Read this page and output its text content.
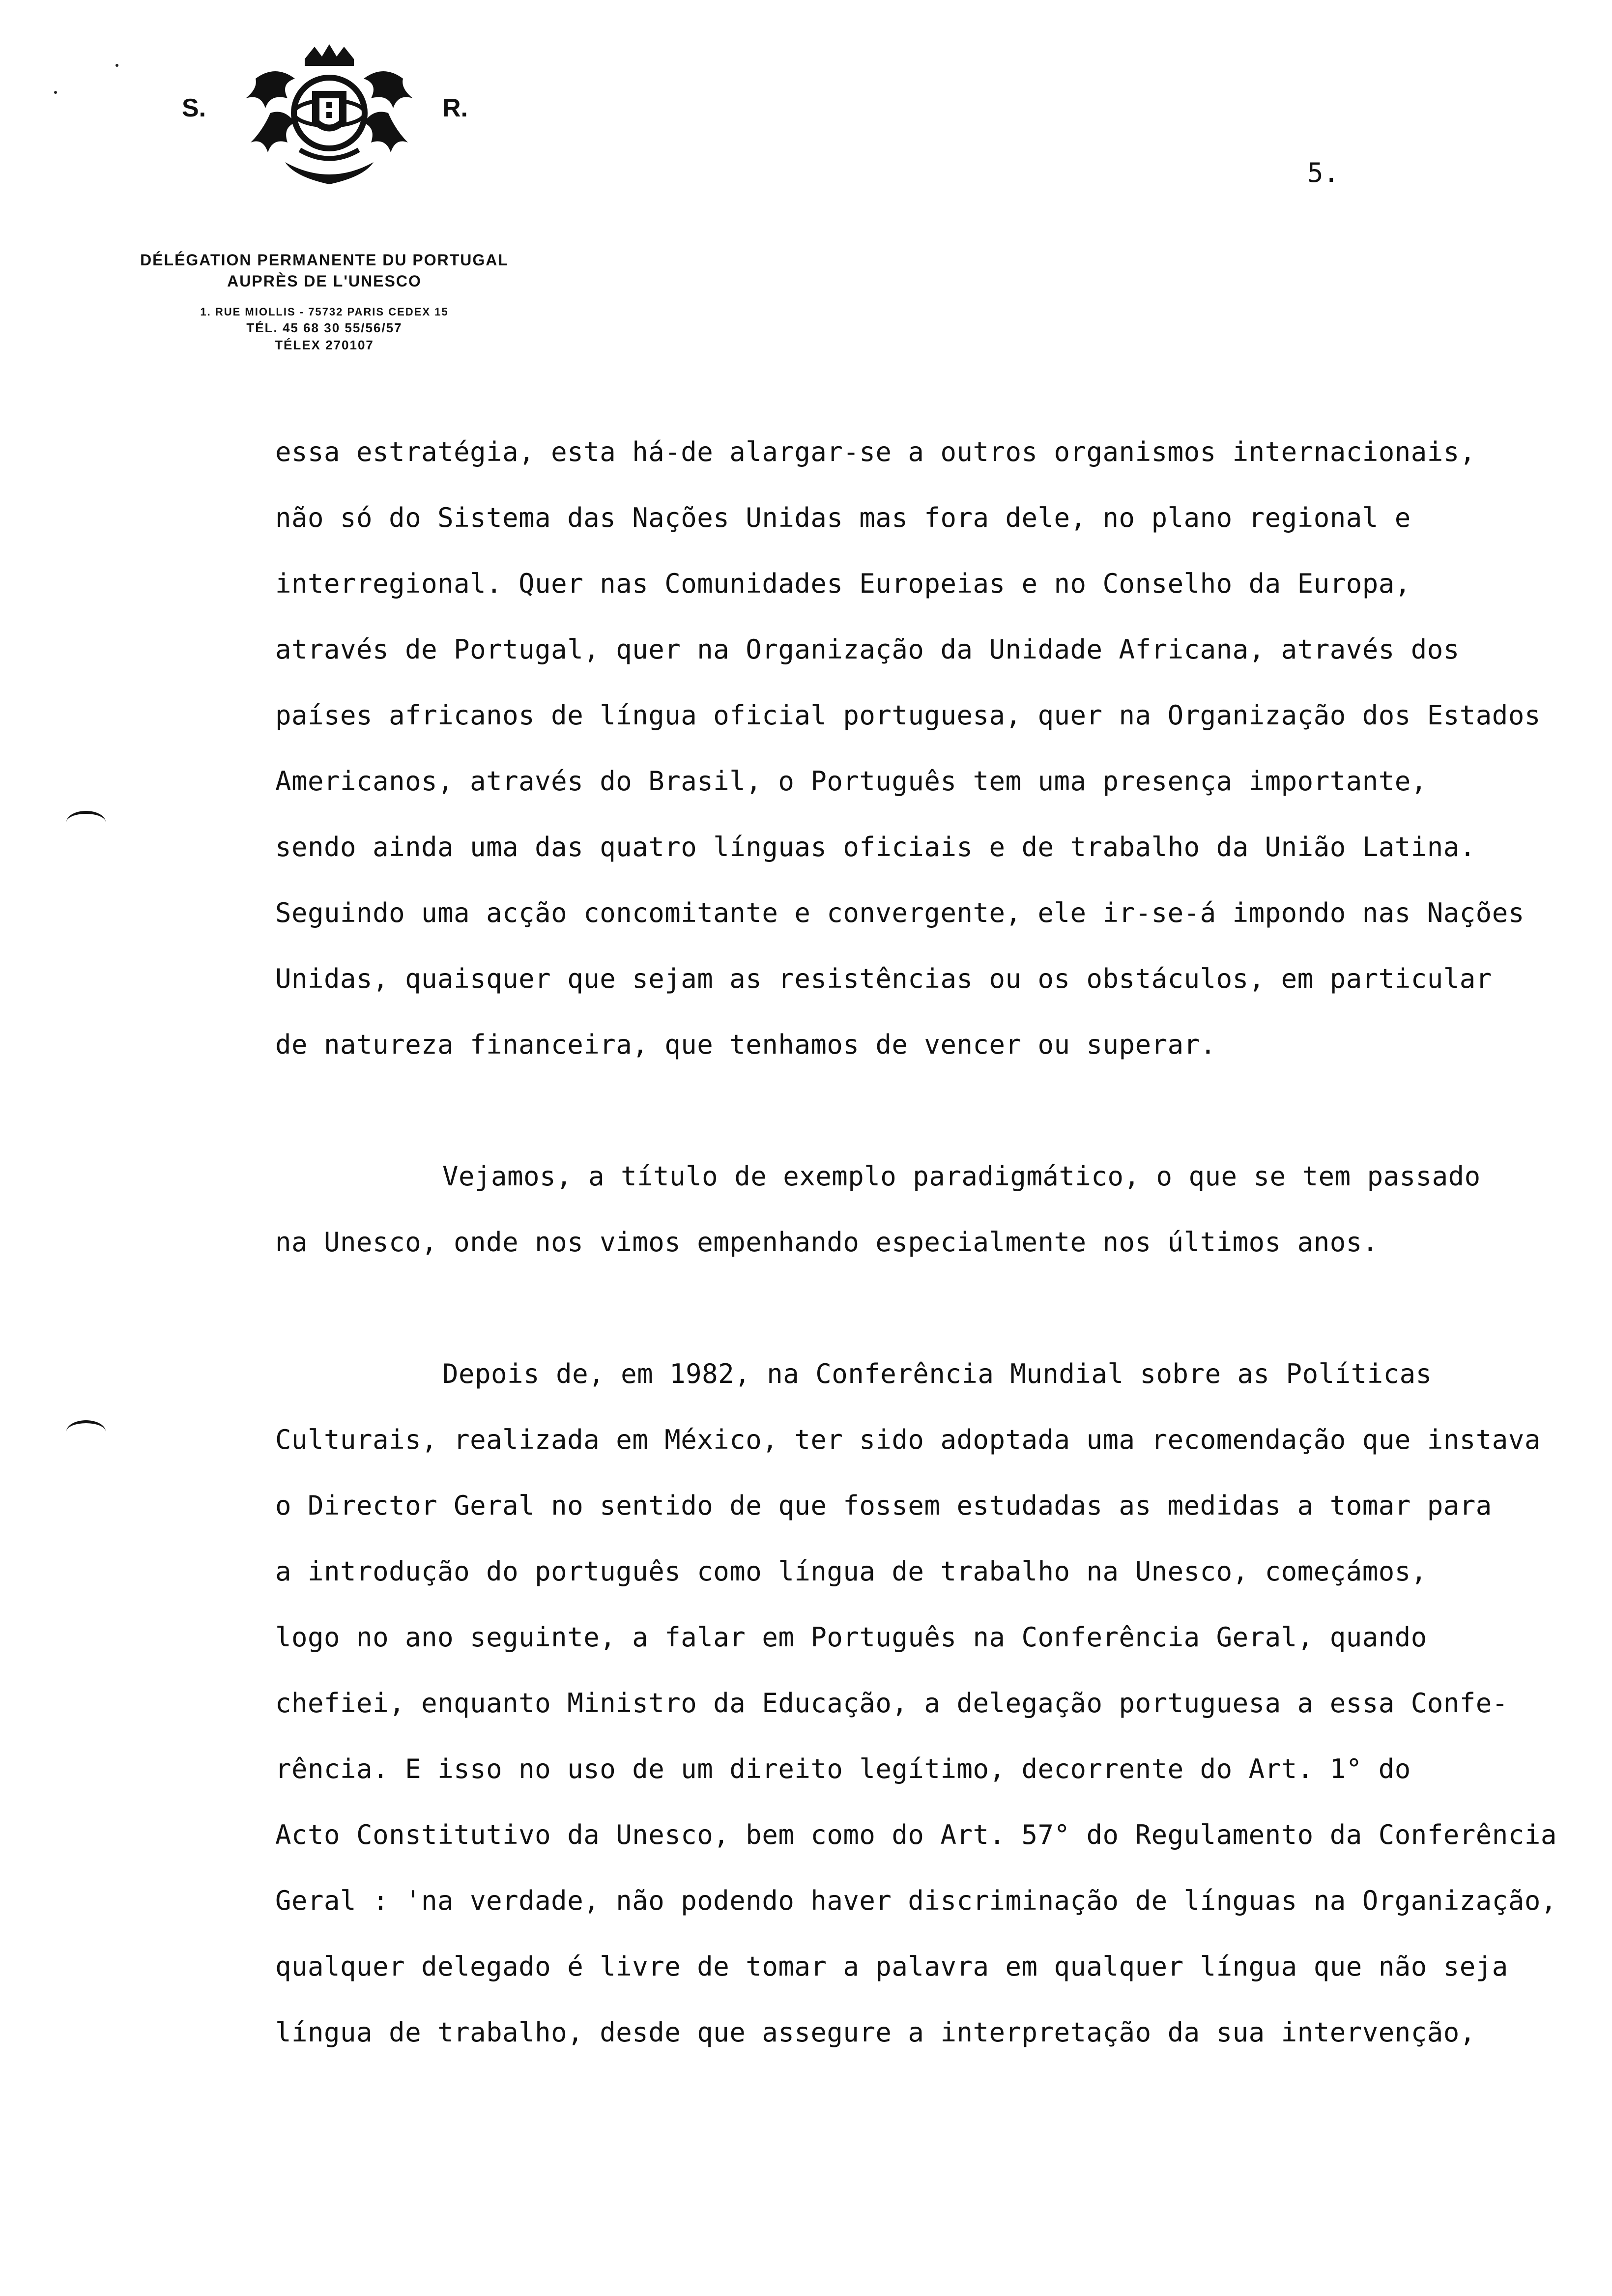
S.	R.

DÉLÉGATION PERMANENTE DU PORTUGAL

AUPRÈS DE L'UNESCO

1. RUE MIOLLIS - 75732 PARIS CEDEX 15

TÉL. 45 68 30 55/56/57

TÉLEX 270107

5.
essa estratégia, esta há-de alargar-se a outros organismos internacionais,
não só do Sistema das Nações Unidas mas fora dele, no plano regional e
interregional. Quer nas Comunidades Europeias e no Conselho da Europa,
através de Portugal, quer na Organização da Unidade Africana, através dos
países africanos de língua oficial portuguesa, quer na Organização dos Estados
Americanos, através do Brasil, o Português tem uma presença importante,
sendo ainda uma das quatro línguas oficiais e de trabalho da União Latina.
Seguindo uma acção concomitante e convergente, ele ir-se-á impondo nas Nações
Unidas, quaisquer que sejam as resistências ou os obstáculos, em particular
de natureza financeira, que tenhamos de vencer ou superar.
Vejamos, a título de exemplo paradigmático, o que se tem passado
na Unesco, onde nos vimos empenhando especialmente nos últimos anos.
Depois de, em 1982, na Conferência Mundial sobre as Políticas
Culturais, realizada em México, ter sido adoptada uma recomendação que instava
o Director Geral no sentido de que fossem estudadas as medidas a tomar para
a introdução do português como língua de trabalho na Unesco, começámos,
logo no ano seguinte, a falar em Português na Conferência Geral, quando
chefiei, enquanto Ministro da Educação, a delegação portuguesa a essa Confe-
rência. E isso no uso de um direito legítimo, decorrente do Art. 1° do
Acto Constitutivo da Unesco, bem como do Art. 57° do Regulamento da Conferência
Geral : 'na verdade, não podendo haver discriminação de línguas na Organização,
qualquer delegado é livre de tomar a palavra em qualquer língua que não seja
língua de trabalho, desde que assegure a interpretação da sua intervenção,
